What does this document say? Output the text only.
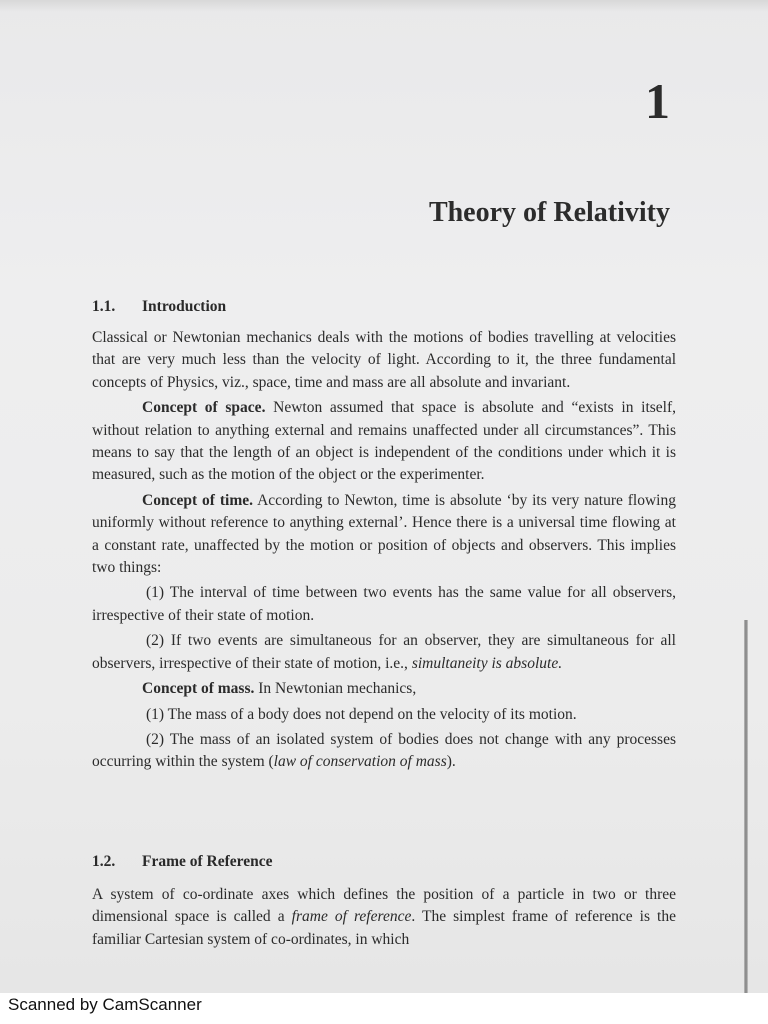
1
Theory of Relativity
1.1. Introduction

Classical or Newtonian mechanics deals with the motions of bodies travelling at velocities that are very much less than the velocity of light. According to it, the three fundamental concepts of Physics, viz., space, time and mass are all absolute and invariant.

Concept of space. Newton assumed that space is absolute and “exists in itself, without relation to anything external and remains unaffected under all circumstances”. This means to say that the length of an object is independent of the conditions under which it is measured, such as the motion of the object or the experimenter.

Concept of time. According to Newton, time is absolute ‘by its very nature flowing uniformly without reference to anything external’. Hence there is a universal time flowing at a constant rate, unaffected by the motion or position of objects and observers. This implies two things:

(1) The interval of time between two events has the same value for all observers, irrespective of their state of motion.

(2) If two events are simultaneous for an observer, they are simultaneous for all observers, irrespective of their state of motion, i.e., simultaneity is absolute.

Concept of mass. In Newtonian mechanics,

(1) The mass of a body does not depend on the velocity of its motion.

(2) The mass of an isolated system of bodies does not change with any processes occurring within the system (law of conservation of mass).

1.2. Frame of Reference

A system of co-ordinate axes which defines the position of a particle in two or three dimensional space is called a frame of reference. The simplest frame of reference is the familiar Cartesian system of co-ordinates, in which

Scanned by CamScanner
